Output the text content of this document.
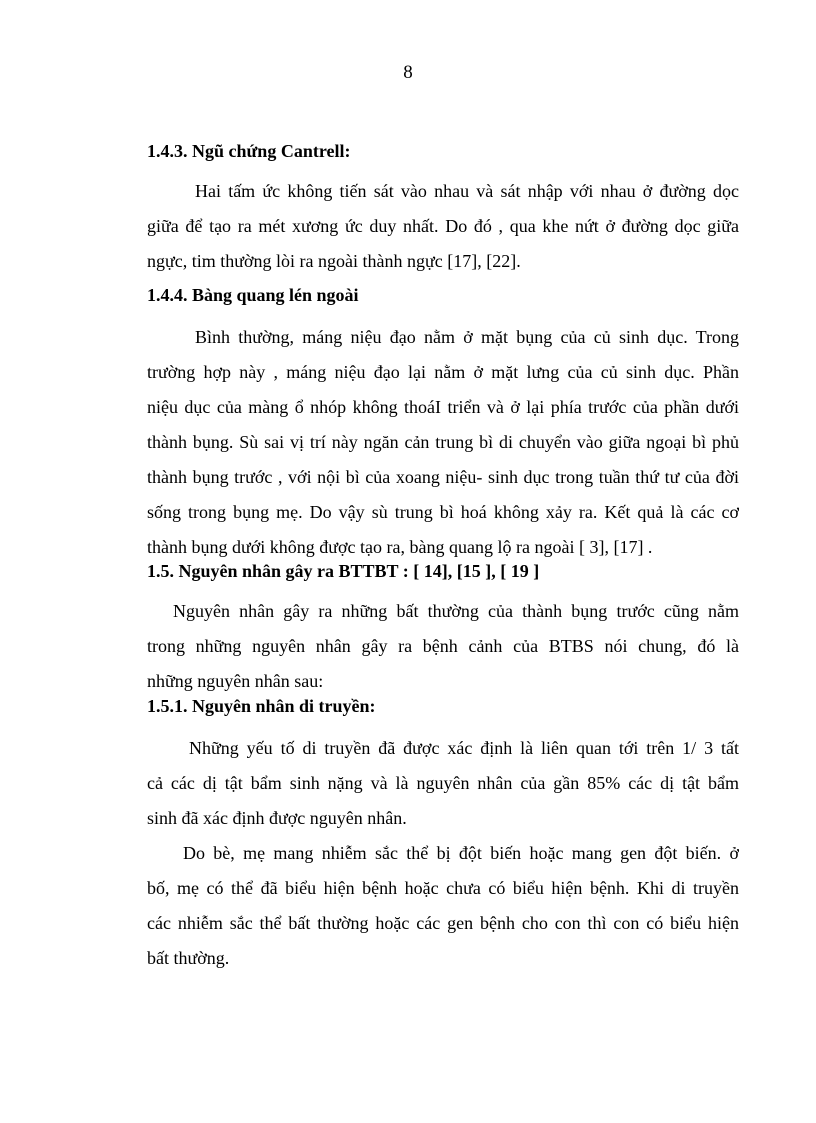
8
1.4.3. Ngũ chứng Cantrell:
Hai tấm ức không tiến sát vào nhau và sát nhập với nhau ở đường dọc
giữa để tạo ra mét xương ức duy nhất. Do đó , qua khe nứt ở đường dọc giữa
ngực, tim thường lòi ra ngoài thành ngực [17], [22].
1.4.4. Bàng quang lén ngoài
Bình thường, máng niệu đạo nằm ở mặt bụng của củ sinh dục. Trong
trường hợp này , máng niệu đạo lại nằm ở mặt lưng của củ sinh dục. Phần
niệu dục của màng ổ nhóp không thoáI triển và ở lại phía trước của phần dưới
thành bụng. Sù sai vị trí này ngăn cản trung bì di chuyển vào giữa ngoại bì phủ
thành bụng trước , với nội bì của xoang niệu- sinh dục trong tuần thứ tư của đời
sống trong bụng mẹ. Do vậy sù trung bì hoá không xảy ra. Kết quả là các cơ
thành bụng dưới không được tạo ra, bàng quang lộ ra ngoài [ 3], [17] .
1.5. Nguyên nhân gây ra BTTBT : [ 14], [15 ], [ 19 ]
Nguyên nhân gây ra những bất thường của thành bụng trước cũng nằm
trong những nguyên nhân gây ra bệnh cảnh của BTBS nói chung, đó là
những nguyên nhân sau:
1.5.1. Nguyên nhân di truyền:
Những yếu tố di truyền đã được xác định là liên quan tới trên 1/ 3 tất
cả các dị tật bẩm sinh nặng và là nguyên nhân của gần 85% các dị tật bẩm
sinh đã xác định được nguyên nhân.
Do bè, mẹ mang nhiễm sắc thể bị đột biến hoặc mang gen đột biến. ở
bố, mẹ có thể đã biểu hiện bệnh hoặc chưa có biểu hiện bệnh. Khi di truyền
các nhiễm sắc thể bất thường hoặc các gen bệnh cho con thì con có biểu hiện
bất thường.
